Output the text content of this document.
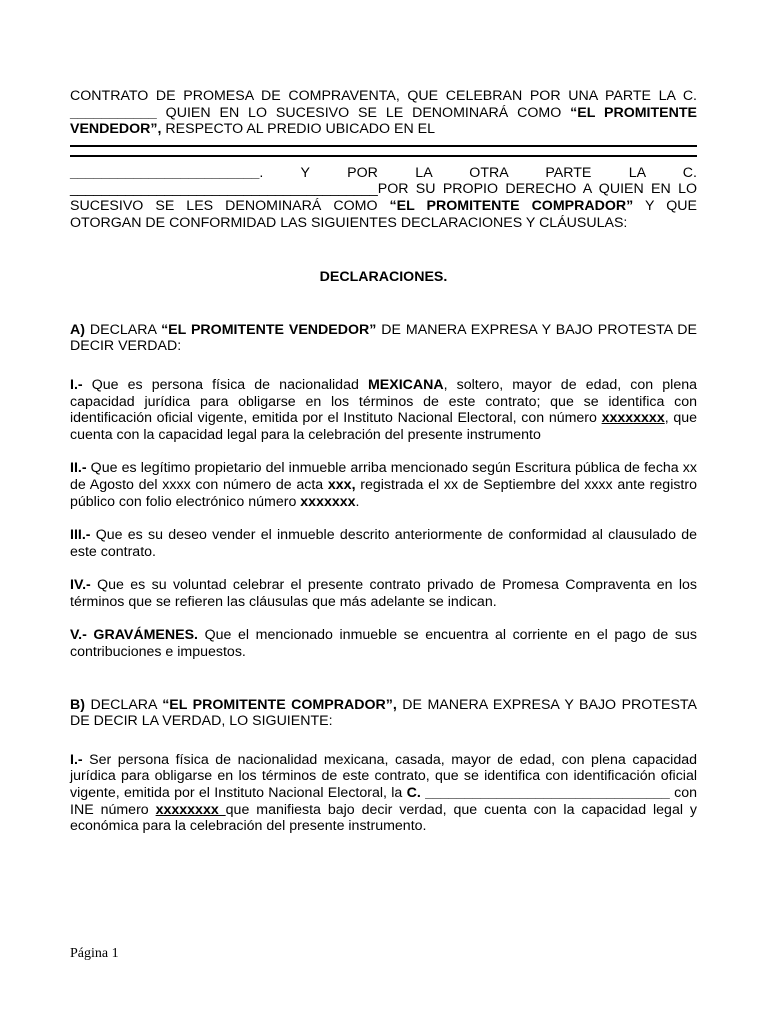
CONTRATO DE PROMESA DE COMPRAVENTA, QUE CELEBRAN POR UNA PARTE LA C. ___________ QUIEN EN LO SUCESIVO SE LE DENOMINARÁ COMO “EL PROMITENTE VENDEDOR”, RESPECTO AL PREDIO UBICADO EN EL
________________________. Y POR LA OTRA PARTE LA C. _______________________________________POR SU PROPIO DERECHO A QUIEN EN LO SUCESIVO SE LES DENOMINARÁ COMO “EL PROMITENTE COMPRADOR” Y QUE OTORGAN DE CONFORMIDAD LAS SIGUIENTES DECLARACIONES Y CLÁUSULAS:
DECLARACIONES.
A) DECLARA “EL PROMITENTE VENDEDOR” DE MANERA EXPRESA Y BAJO PROTESTA DE DECIR VERDAD:
I.- Que es persona física de nacionalidad MEXICANA, soltero, mayor de edad, con plena capacidad jurídica para obligarse en los términos de este contrato; que se identifica con identificación oficial vigente, emitida por el Instituto Nacional Electoral, con número xxxxxxxx, que cuenta con la capacidad legal para la celebración del presente instrumento
II.- Que es legítimo propietario del inmueble arriba mencionado según Escritura pública de fecha xx de Agosto del xxxx con número de acta xxx, registrada el xx de Septiembre del xxxx ante registro público con folio electrónico número xxxxxxx.
III.- Que es su deseo vender el inmueble descrito anteriormente de conformidad al clausulado de este contrato.
IV.- Que es su voluntad celebrar el presente contrato privado de Promesa Compraventa en los términos que se refieren las cláusulas que más adelante se indican.
V.- GRAVÁMENES. Que el mencionado inmueble se encuentra al corriente en el pago de sus contribuciones e impuestos.
B) DECLARA “EL PROMITENTE COMPRADOR”, DE MANERA EXPRESA Y BAJO PROTESTA DE DECIR LA VERDAD, LO SIGUIENTE:
I.- Ser persona física de nacionalidad mexicana, casada, mayor de edad, con plena capacidad jurídica para obligarse en los términos de este contrato, que se identifica con identificación oficial vigente, emitida por el Instituto Nacional Electoral, la C. _______________________________ con INE número xxxxxxxx que manifiesta bajo decir verdad, que cuenta con la capacidad legal y económica para la celebración del presente instrumento.
Página 1
